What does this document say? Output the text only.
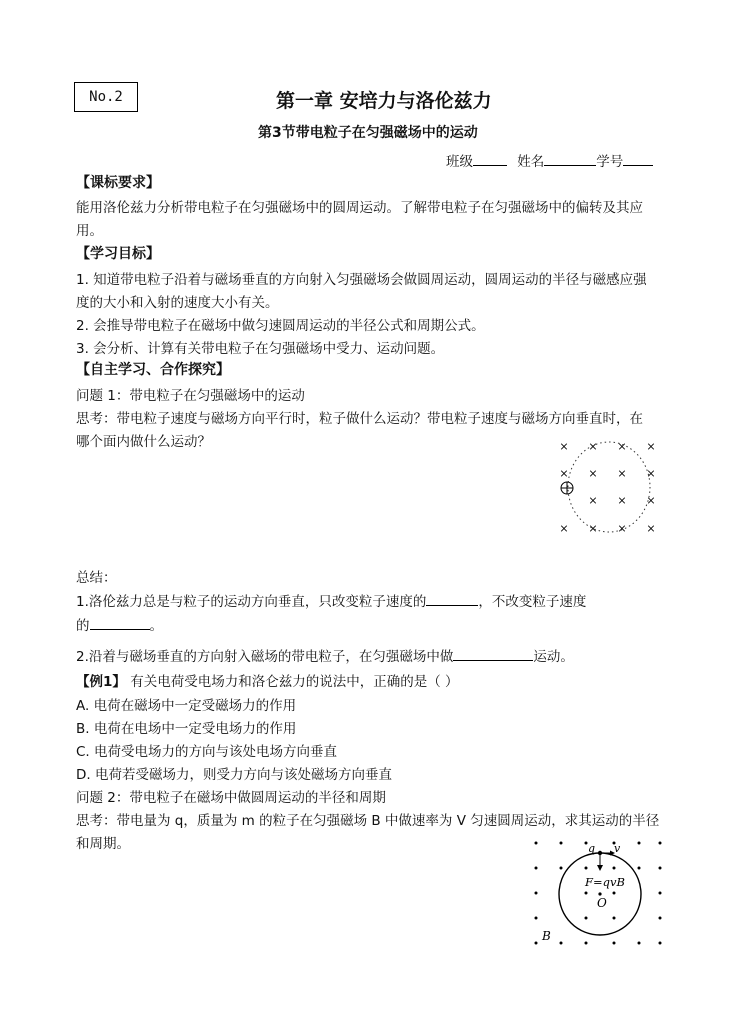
No.2	第一章 安培力与洛伦兹力
第3节带电粒子在匀强磁场中的运动
班级	姓名	学号
【课标要求】
能用洛伦兹力分析带电粒子在匀强磁场中的圆周运动。了解带电粒子在匀强磁场中的偏转及其应
用。
【学习目标】
1. 知道带电粒子沿着与磁场垂直的方向射入匀强磁场会做圆周运动，圆周运动的半径与磁感应强
度的大小和入射的速度大小有关。
2. 会推导带电粒子在磁场中做匀速圆周运动的半径公式和周期公式。
3. 会分析、计算有关带电粒子在匀强磁场中受力、运动问题。
【自主学习、合作探究】
问题 1：带电粒子在匀强磁场中的运动
思考：带电粒子速度与磁场方向平行时，粒子做什么运动？带电粒子速度与磁场方向垂直时，在
哪个面内做什么运动？	× × × ×
× × × ×
× × ×
× × × ×
总结：
1.洛伦兹力总是与粒子的运动方向垂直，只改变粒子速度的	，不改变粒子速度
的	。
2.沿着与磁场垂直的方向射入磁场的带电粒子，在匀强磁场中做	运动。
【例1】 有关电荷受电场力和洛仑兹力的说法中，正确的是（ ）
A. 电荷在磁场中一定受磁场力的作用
B. 电荷在电场中一定受电场力的作用
C. 电荷受电场力的方向与该处电场方向垂直
D. 电荷若受磁场力，则受力方向与该处磁场方向垂直
问题 2：带电粒子在磁场中做圆周运动的半径和周期
思考：带电量为 q，质量为 m 的粒子在匀强磁场 B 中做速率为 V 匀速圆周运动，求其运动的半径
和周期。	q v
F=qvB
O
B
